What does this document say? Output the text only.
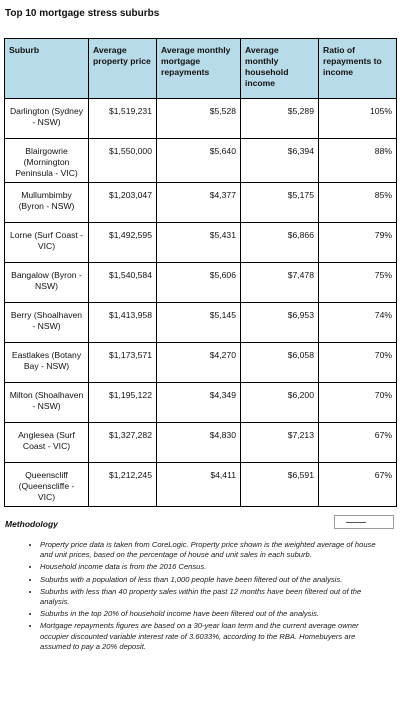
Top 10 mortgage stress suburbs
Suburb	Average property price	Average monthly mortgage repayments	Average monthly household income	Ratio of repayments to income
Darlington (Sydney - NSW)	$1,519,231	$5,528	$5,289	105%
Blairgowrie (Mornington Peninsula - VIC)	$1,550,000	$5,640	$6,394	88%
Mullumbimby (Byron - NSW)	$1,203,047	$4,377	$5,175	85%
Lorne (Surf Coast - VIC)	$1,492,595	$5,431	$6,866	79%
Bangalow (Byron - NSW)	$1,540,584	$5,606	$7,478	75%
Berry (Shoalhaven - NSW)	$1,413,958	$5,145	$6,953	74%
Eastlakes (Botany Bay - NSW)	$1,173,571	$4,270	$6,058	70%
Milton (Shoalhaven - NSW)	$1,195,122	$4,349	$6,200	70%
Anglesea (Surf Coast - VIC)	$1,327,282	$4,830	$7,213	67%
Queenscliff (Queenscliffe - VIC)	$1,212,245	$4,411	$6,591	67%
Methodology
• Property price data is taken from CoreLogic. Property price shown is the weighted average of house and unit prices, based on the percentage of house and unit sales in each suburb.
• Household income data is from the 2016 Census.
• Suburbs with a population of less than 1,000 people have been filtered out of the analysis.
• Suburbs with less than 40 property sales within the past 12 months have been filtered out of the analysis.
• Suburbs in the top 20% of household income have been filtered out of the analysis.
• Mortgage repayments figures are based on a 30-year loan term and the current average owner occupier discounted variable interest rate of 3.6033%, according to the RBA. Homebuyers are assumed to pay a 20% deposit.
